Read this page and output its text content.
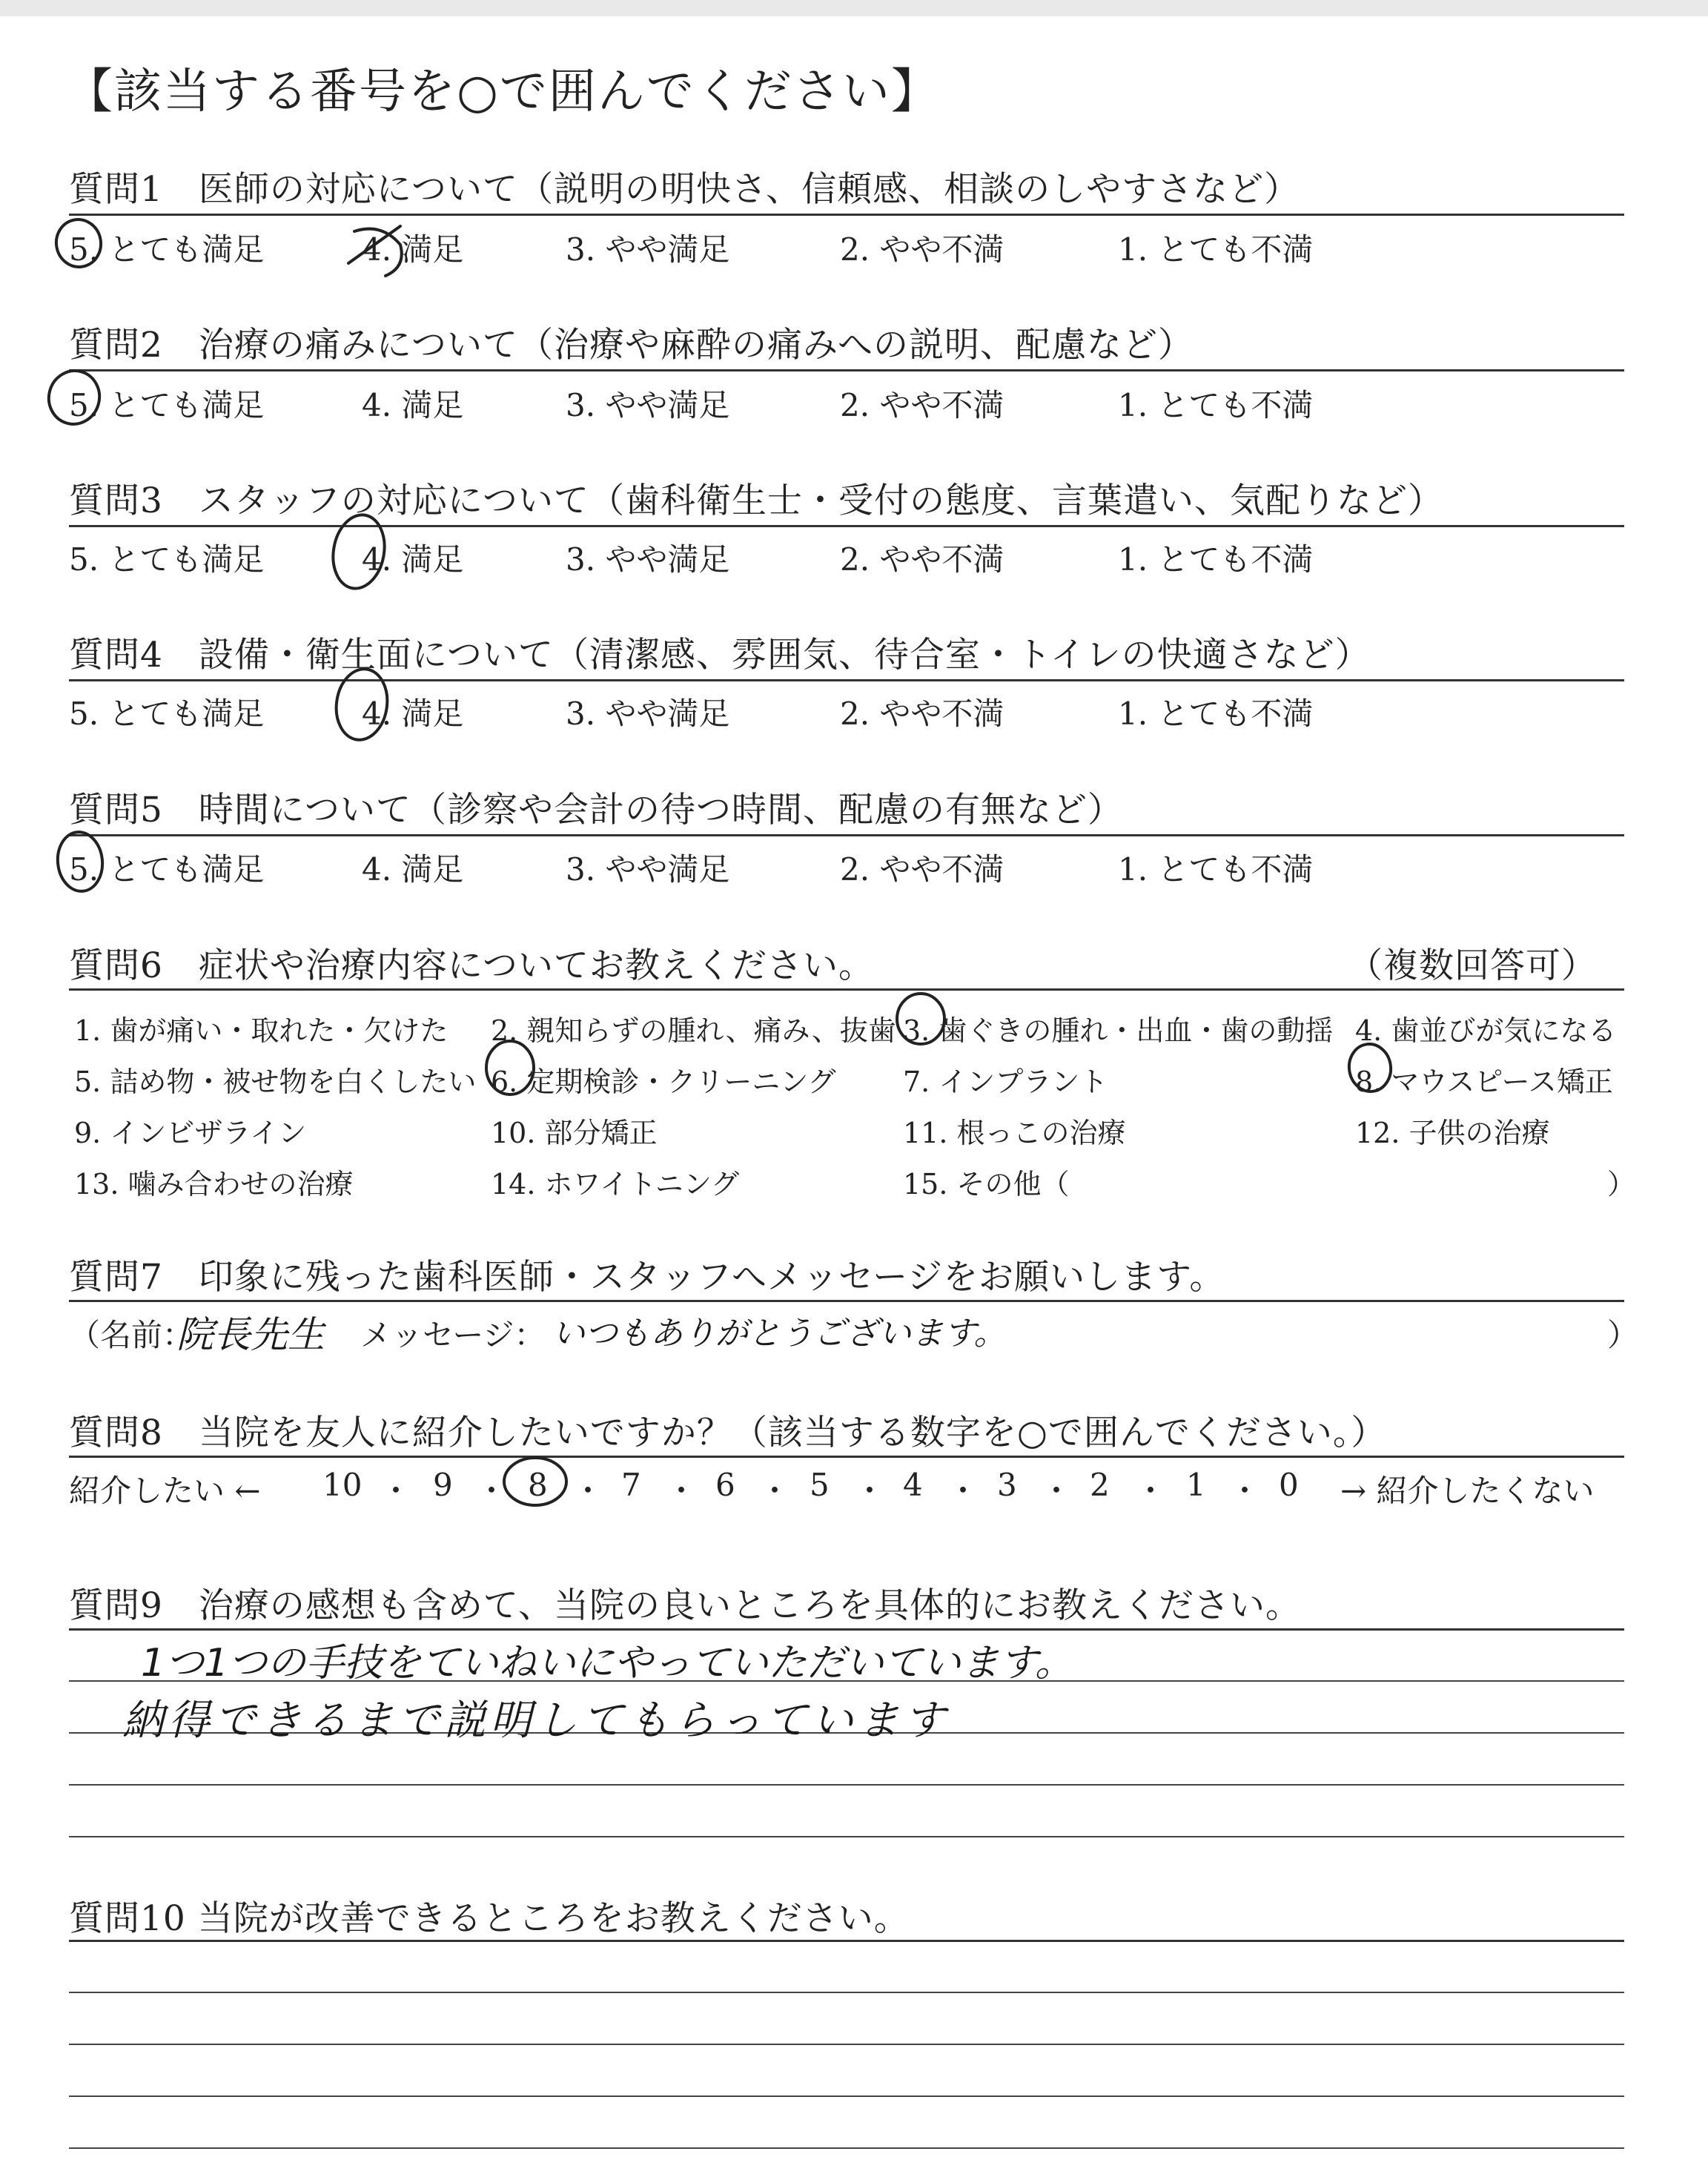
【該当する番号を○で囲んでください】
質問1　医師の対応について（説明の明快さ、信頼感、相談のしやすさなど）
5. とても満足	4. 満足	3. やや満足	2. やや不満	1. とても不満
質問2　治療の痛みについて（治療や麻酔の痛みへの説明、配慮など）
5. とても満足	4. 満足	3. やや満足	2. やや不満	1. とても不満
質問3　スタッフの対応について（歯科衛生士・受付の態度、言葉遣い、気配りなど）
5. とても満足	4. 満足	3. やや満足	2. やや不満	1. とても不満
質問4　設備・衛生面について（清潔感、雰囲気、待合室・トイレの快適さなど）
5. とても満足	4. 満足	3. やや満足	2. やや不満	1. とても不満
質問5　時間について（診察や会計の待つ時間、配慮の有無など）
5. とても満足	4. 満足	3. やや満足	2. やや不満	1. とても不満
質問6　症状や治療内容についてお教えください。	（複数回答可）
1. 歯が痛い・取れた・欠けた 2. 親知らずの腫れ、痛み、抜歯 3. 歯ぐきの腫れ・出血・歯の動揺 4. 歯並びが気になる
5. 詰め物・被せ物を白くしたい 6. 定期検診・クリーニング 7. インプラント	8. マウスピース矯正
9. インビザライン	10. 部分矯正	11. 根っこの治療	12. 子供の治療
13. 噛み合わせの治療	14. ホワイトニング	15. その他（	）
質問7　印象に残った歯科医師・スタッフへメッセージをお願いします。
（名前：
院長先生 メッセージ： いつもありがとうございます。	）
質問8　当院を友人に紹介したいですか？（該当する数字を○で囲んでください。）
紹介したい ← 10 ・ 9 ・ 8 ・ 7 ・ 6 ・ 5 ・ 4 ・ 3 ・ 2 ・ 1 ・ 0 → 紹介したくない
質問9　治療の感想も含めて、当院の良いところを具体的にお教えください。
1つ1つの手技をていねいにやっていただいています。
納得できるまで説明してもらっています
質問10 当院が改善できるところをお教えください。
